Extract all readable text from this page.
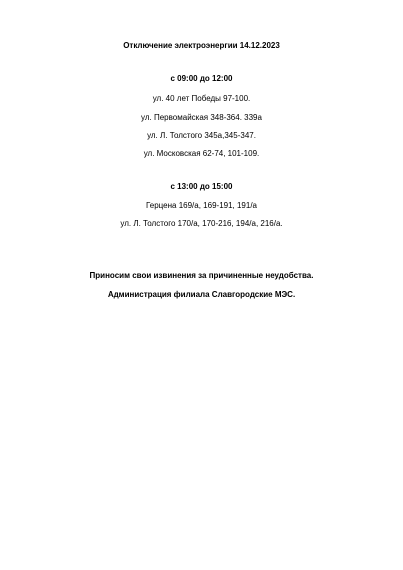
Отключение электроэнергии 14.12.2023
с 09:00 до 12:00
ул. 40 лет Победы 97-100.
ул. Первомайская 348-364. 339а
ул. Л. Толстого 345а,345-347.
ул. Московская 62-74, 101-109.
с 13:00 до 15:00
Герцена 169/а, 169-191, 191/а
ул. Л. Толстого 170/а, 170-216, 194/а, 216/а.
Приносим свои извинения за причиненные неудобства.
Администрация филиала Славгородские МЭС.
